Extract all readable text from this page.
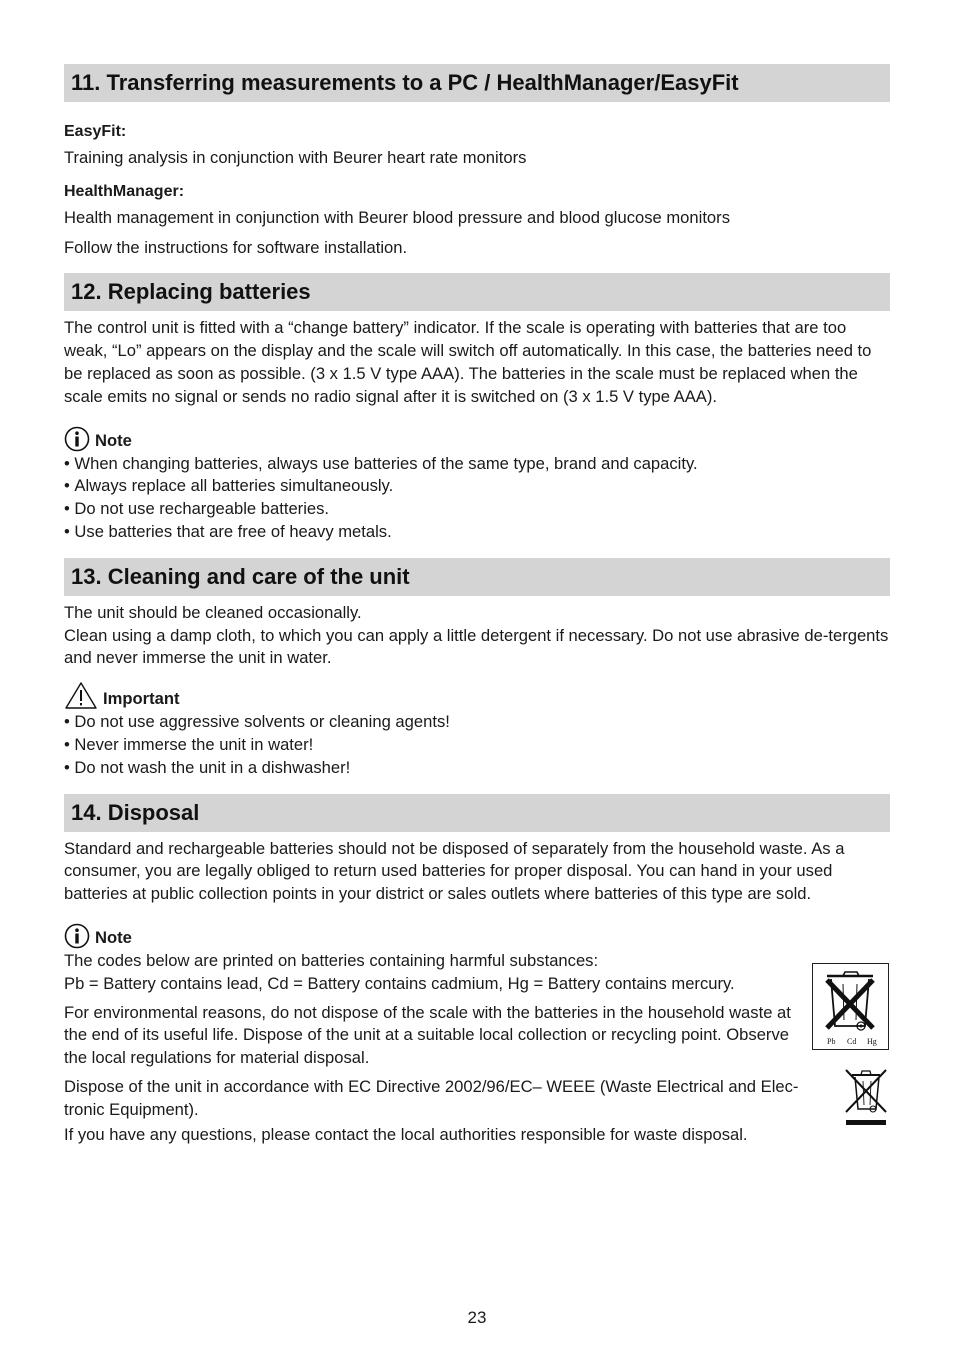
11. Transferring measurements to a PC / HealthManager/EasyFit
EasyFit:

Training analysis in conjunction with Beurer heart rate monitors

HealthManager:

Health management in conjunction with Beurer blood pressure and blood glucose monitors

Follow the instructions for software installation.

12. Replacing batteries

The control unit is fitted with a “change battery” indicator. If the scale is operating with batteries that are too weak, “Lo” appears on the display and the scale will switch off automatically. In this case, the batteries need to be replaced as soon as possible. (3 x 1.5 V type AAA). The batteries in the scale must be replaced when the scale emits no signal or sends no radio signal after it is switched on (3 x 1.5 V type AAA).

Note
• When changing batteries, always use batteries of the same type, brand and capacity.
• Always replace all batteries simultaneously.
• Do not use rechargeable batteries.
• Use batteries that are free of heavy metals.
13. Cleaning and care of the unit

The unit should be cleaned occasionally.

Clean using a damp cloth, to which you can apply a little detergent if necessary. Do not use abrasive de-tergents and never immerse the unit in water.

Important
• Do not use aggressive solvents or cleaning agents!
• Never immerse the unit in water!
• Do not wash the unit in a dishwasher!
14. Disposal

Standard and rechargeable batteries should not be disposed of separately from the household waste. As a consumer, you are legally obliged to return used batteries for proper disposal. You can hand in your used batteries at public collection points in your district or sales outlets where batteries of this type are sold.

Note

The codes below are printed on batteries containing harmful substances:

Pb = Battery contains lead, Cd = Battery contains cadmium, Hg = Battery contains mercury.

For environmental reasons, do not dispose of the scale with the batteries in the household waste at the end of its useful life. Dispose of the unit at a suitable local collection or recycling point. Observe the local regulations for material disposal.

Dispose of the unit in accordance with EC Directive 2002/96/EC– WEEE (Waste Electrical and Elec-tronic Equipment).

If you have any questions, please contact the local authorities responsible for waste disposal.

Pb Cd Hg
23
